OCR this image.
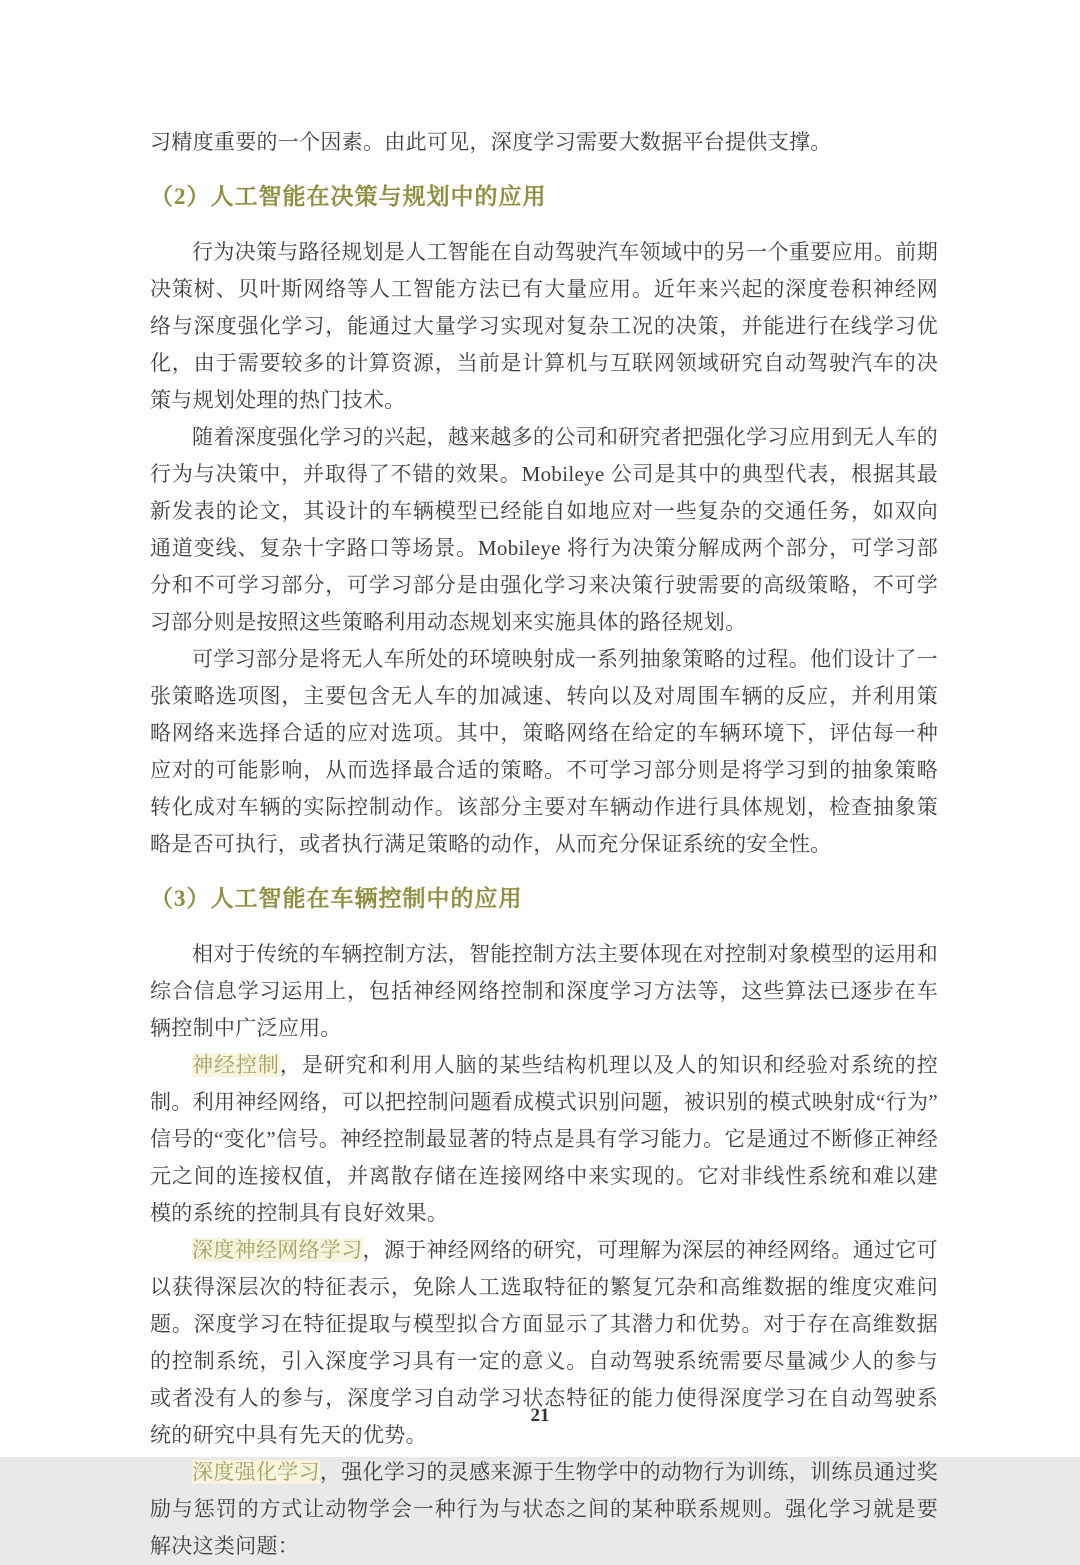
习精度重要的一个因素。由此可见，深度学习需要大数据平台提供支撑。

（2）人工智能在决策与规划中的应用

行为决策与路径规划是人工智能在自动驾驶汽车领域中的另一个重要应用。前期决策树、贝叶斯网络等人工智能方法已有大量应用。近年来兴起的深度卷积神经网络与深度强化学习，能通过大量学习实现对复杂工况的决策，并能进行在线学习优化，由于需要较多的计算资源，当前是计算机与互联网领域研究自动驾驶汽车的决策与规划处理的热门技术。

随着深度强化学习的兴起，越来越多的公司和研究者把强化学习应用到无人车的行为与决策中，并取得了不错的效果。Mobileye 公司是其中的典型代表，根据其最新发表的论文，其设计的车辆模型已经能自如地应对一些复杂的交通任务，如双向通道变线、复杂十字路口等场景。Mobileye 将行为决策分解成两个部分，可学习部分和不可学习部分，可学习部分是由强化学习来决策行驶需要的高级策略，不可学习部分则是按照这些策略利用动态规划来实施具体的路径规划。

可学习部分是将无人车所处的环境映射成一系列抽象策略的过程。他们设计了一张策略选项图，主要包含无人车的加减速、转向以及对周围车辆的反应，并利用策略网络来选择合适的应对选项。其中，策略网络在给定的车辆环境下，评估每一种应对的可能影响，从而选择最合适的策略。不可学习部分则是将学习到的抽象策略转化成对车辆的实际控制动作。该部分主要对车辆动作进行具体规划，检查抽象策略是否可执行，或者执行满足策略的动作，从而充分保证系统的安全性。

（3）人工智能在车辆控制中的应用

相对于传统的车辆控制方法，智能控制方法主要体现在对控制对象模型的运用和综合信息学习运用上，包括神经网络控制和深度学习方法等，这些算法已逐步在车辆控制中广泛应用。

神经控制，是研究和利用人脑的某些结构机理以及人的知识和经验对系统的控制。利用神经网络，可以把控制问题看成模式识别问题，被识别的模式映射成“行为”信号的“变化”信号。神经控制最显著的特点是具有学习能力。它是通过不断修正神经元之间的连接权值，并离散存储在连接网络中来实现的。它对非线性系统和难以建模的系统的控制具有良好效果。

深度神经网络学习，源于神经网络的研究，可理解为深层的神经网络。通过它可以获得深层次的特征表示，免除人工选取特征的繁复冗杂和高维数据的维度灾难问题。深度学习在特征提取与模型拟合方面显示了其潜力和优势。对于存在高维数据的控制系统，引入深度学习具有一定的意义。自动驾驶系统需要尽量减少人的参与或者没有人的参与，深度学习自动学习状态特征的能力使得深度学习在自动驾驶系统的研究中具有先天的优势。

深度强化学习，强化学习的灵感来源于生物学中的动物行为训练，训练员通过奖励与惩罚的方式让动物学会一种行为与状态之间的某种联系规则。强化学习就是要解决这类问题：

21
